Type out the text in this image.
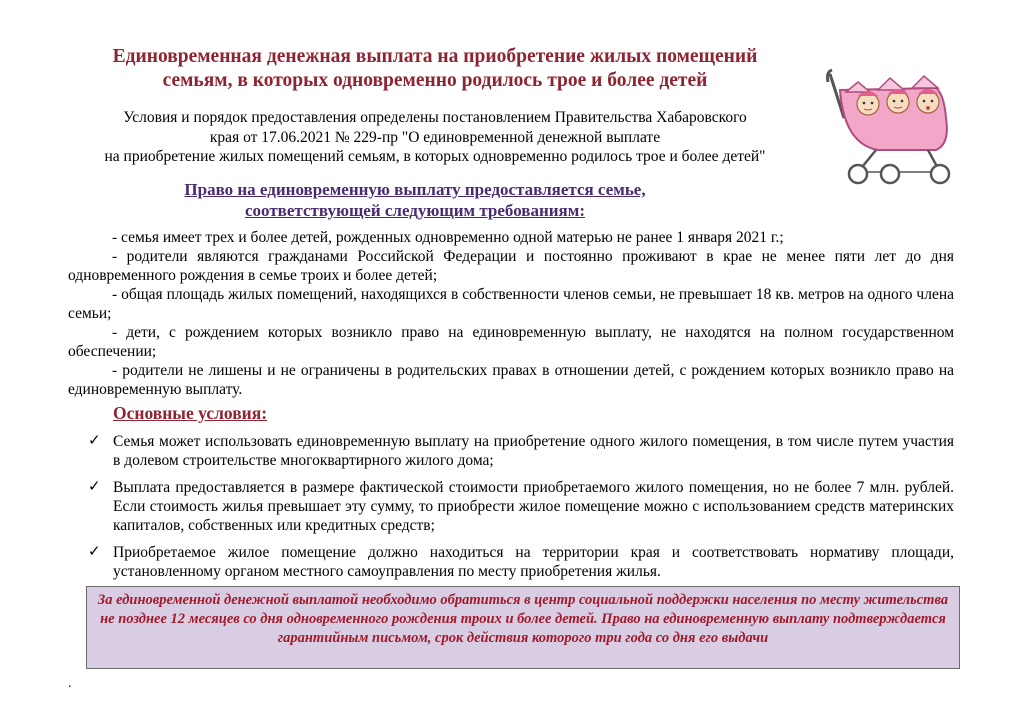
Единовременная денежная выплата на приобретение жилых помещений
семьям, в которых одновременно родилось трое и более детей

Условия и порядок предоставления определены постановлением Правительства Хабаровского
края от 17.06.2021 № 229-пр "О единовременной денежной выплате
на приобретение жилых помещений семьям, в которых одновременно родилось трое и более детей"

Право на единовременную выплату предоставляется семье,
соответствующей следующим требованиям:

- семья имеет трех и более детей, рожденных одновременно одной матерью не ранее 1 января 2021 г.;

- родители являются гражданами Российской Федерации и постоянно проживают в крае не менее пяти лет до дня одновременного рождения в семье троих и более детей;

- общая площадь жилых помещений, находящихся в собственности членов семьи, не превышает 18 кв. метров на одного члена семьи;

- дети, с рождением которых возникло право на единовременную выплату, не находятся на полном государственном обеспечении;

- родители не лишены и не ограничены в родительских правах в отношении детей, с рождением которых возникло право на единовременную выплату.

Основные условия:
✓ Семья может использовать единовременную выплату на приобретение одного жилого помещения, в том числе путем участия в долевом строительстве многоквартирного жилого дома;
✓ Выплата предоставляется в размере фактической стоимости приобретаемого жилого помещения, но не более 7 млн. рублей. Если стоимость жилья превышает эту сумму, то приобрести жилое помещение можно с использованием средств материнских капиталов, собственных или кредитных средств;
✓ Приобретаемое жилое помещение должно находиться на территории края и соответствовать нормативу площади, установленному органом местного самоуправления по месту приобретения жилья.

За единовременной денежной выплатой необходимо обратиться в центр социальной поддержки населения по месту жительства не позднее 12 месяцев со дня одновременного рождения троих и более детей. Право на единовременную выплату подтверждается гарантийным письмом, срок действия которого три года со дня его выдачи

.
